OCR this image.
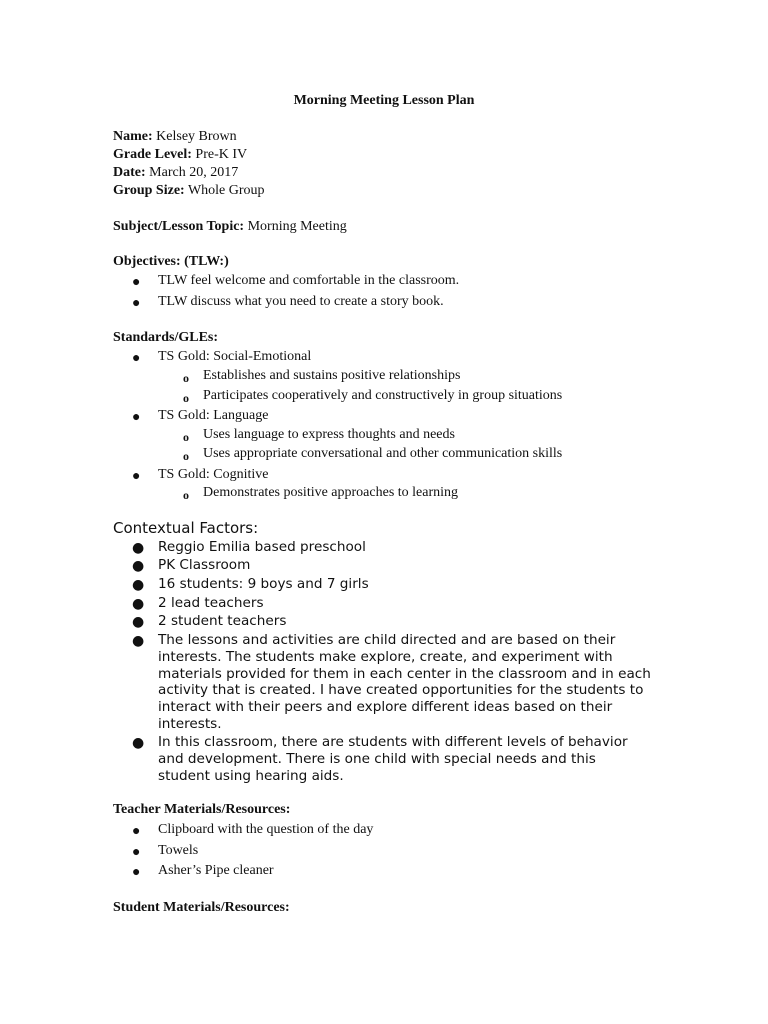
Morning Meeting Lesson Plan
Name: Kelsey Brown
Grade Level: Pre-K IV
Date: March 20, 2017
Group Size: Whole Group
Subject/Lesson Topic: Morning Meeting
Objectives: (TLW:)
● TLW feel welcome and comfortable in the classroom.
● TLW discuss what you need to create a story book.
Standards/GLEs:
● TS Gold: Social-Emotional
o Establishes and sustains positive relationships
o Participates cooperatively and constructively in group situations
● TS Gold: Language
o Uses language to express thoughts and needs
o Uses appropriate conversational and other communication skills
● TS Gold: Cognitive
o Demonstrates positive approaches to learning
Contextual Factors:
● Reggio Emilia based preschool
● PK Classroom
● 16 students: 9 boys and 7 girls
● 2 lead teachers
● 2 student teachers
● The lessons and activities are child directed and are based on their interests. The students make explore, create, and experiment with materials provided for them in each center in the classroom and in each activity that is created. I have created opportunities for the students to interact with their peers and explore different ideas based on their interests.
● In this classroom, there are students with different levels of behavior and development. There is one child with special needs and this student using hearing aids.
Teacher Materials/Resources:
● Clipboard with the question of the day
● Towels
● Asher’s Pipe cleaner
Student Materials/Resources:
